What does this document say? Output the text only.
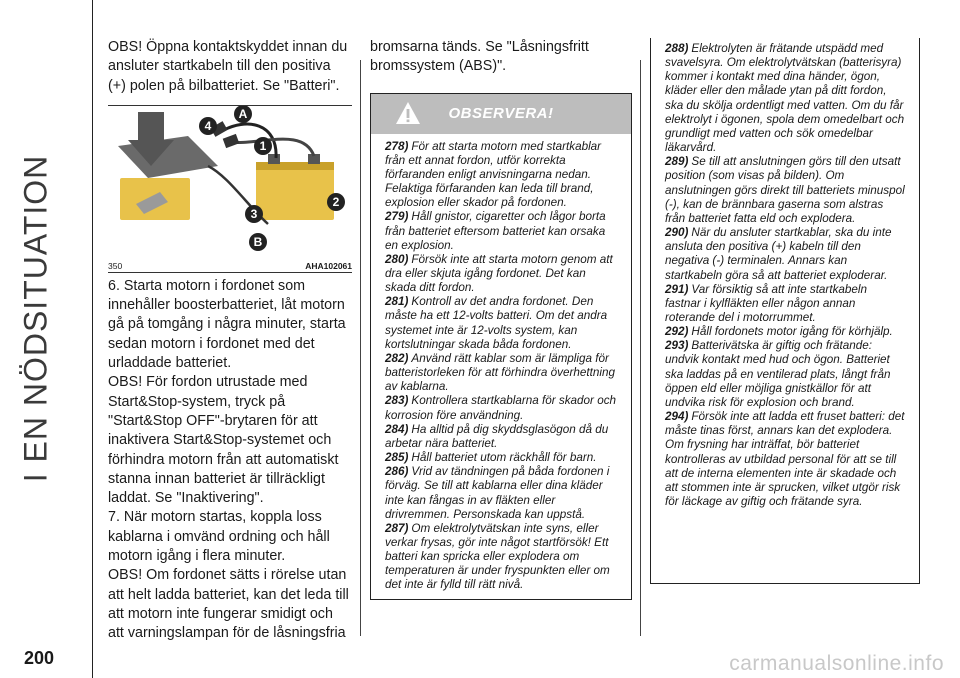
I EN NÖDSITUATION

OBS! Öppna kontaktskyddet innan du ansluter startkabeln till den positiva (+) polen på bilbatteriet. Se "Batteri".

A
4
1
2
3
B
350	AHA102061

6. Starta motorn i fordonet som innehåller boosterbatteriet, låt motorn gå på tomgång i några minuter, starta sedan motorn i fordonet med det urladdade batteriet.

OBS! För fordon utrustade med Start&Stop-system, tryck på "Start&Stop OFF"-brytaren för att inaktivera Start&Stop-systemet och förhindra motorn från att automatiskt stanna innan batteriet är tillräckligt laddat. Se "Inaktivering".

7. När motorn startas, koppla loss kablarna i omvänd ordning och håll motorn igång i flera minuter.

OBS! Om fordonet sätts i rörelse utan att helt ladda batteriet, kan det leda till att motorn inte fungerar smidigt och att varningslampan för de låsningsfria

bromsarna tänds. Se "Låsningsfritt bromssystem (ABS)".

OBSERVERA!

278) För att starta motorn med startkablar från ett annat fordon, utför korrekta förfaranden enligt anvisningarna nedan. Felaktiga förfaranden kan leda till brand, explosion eller skador på fordonen.

279) Håll gnistor, cigaretter och lågor borta från batteriet eftersom batteriet kan orsaka en explosion.

280) Försök inte att starta motorn genom att dra eller skjuta igång fordonet. Det kan skada ditt fordon.

281) Kontroll av det andra fordonet. Den måste ha ett 12-volts batteri. Om det andra systemet inte är 12-volts system, kan kortslutningar skada båda fordonen.

282) Använd rätt kablar som är lämpliga för batteristorleken för att förhindra överhettning av kablarna.

283) Kontrollera startkablarna för skador och korrosion före användning.

284) Ha alltid på dig skyddsglasögon då du arbetar nära batteriet.

285) Håll batteriet utom räckhåll för barn.

286) Vrid av tändningen på båda fordonen i förväg. Se till att kablarna eller dina kläder inte kan fångas in av fläkten eller drivremmen. Personskada kan uppstå.

287) Om elektrolytvätskan inte syns, eller verkar frysas, gör inte något startförsök! Ett batteri kan spricka eller explodera om temperaturen är under fryspunkten eller om det inte är fylld till rätt nivå.

288) Elektrolyten är frätande utspädd med svavelsyra. Om elektrolytvätskan (batterisyra) kommer i kontakt med dina händer, ögon, kläder eller den målade ytan på ditt fordon, ska du skölja ordentligt med vatten. Om du får elektrolyt i ögonen, spola dem omedelbart och grundligt med vatten och sök omedelbar läkarvård.

289) Se till att anslutningen görs till den utsatt position (som visas på bilden). Om anslutningen görs direkt till batteriets minuspol (-), kan de brännbara gaserna som alstras från batteriet fatta eld och explodera.

290) När du ansluter startkablar, ska du inte ansluta den positiva (+) kabeln till den negativa (-) terminalen. Annars kan startkabeln göra så att batteriet exploderar.

291) Var försiktig så att inte startkabeln fastnar i kylfläkten eller någon annan roterande del i motorrummet.

292) Håll fordonets motor igång för körhjälp.

293) Batterivätska är giftig och frätande: undvik kontakt med hud och ögon. Batteriet ska laddas på en ventilerad plats, långt från öppen eld eller möjliga gnistkällor för att undvika risk för explosion och brand.

294) Försök inte att ladda ett fruset batteri: det måste tinas först, annars kan det explodera. Om frysning har inträffat, bör batteriet kontrolleras av utbildad personal för att se till att de interna elementen inte är skadade och att stommen inte är sprucken, vilket utgör risk för läckage av giftig och frätande syra.

200	carmanualsonline.info
